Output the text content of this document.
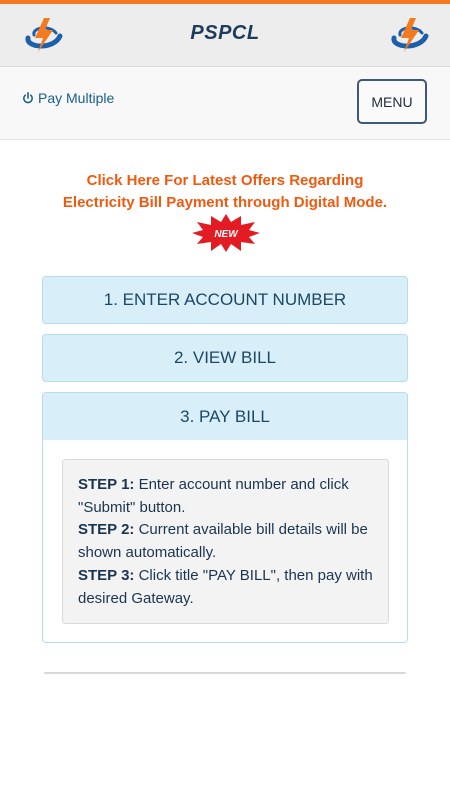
PSPCL
Pay Multiple	MENU
Click Here For Latest Offers Regarding
Electricity Bill Payment through Digital Mode.
NEW
1. ENTER ACCOUNT NUMBER
2. VIEW BILL
3. PAY BILL
STEP 1: Enter account number and click "Submit" button.
STEP 2: Current available bill details will be shown automatically.
STEP 3: Click title "PAY BILL", then pay with desired Gateway.
